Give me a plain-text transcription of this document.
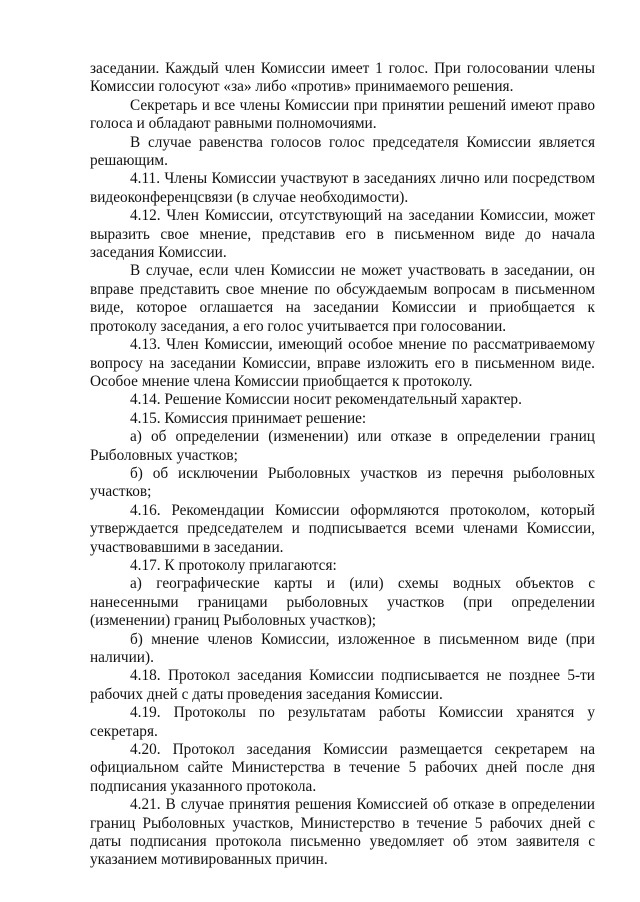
заседании. Каждый член Комиссии имеет 1 голос. При голосовании члены Комиссии голосуют «за» либо «против» принимаемого решения.

Секретарь и все члены Комиссии при принятии решений имеют право голоса и обладают равными полномочиями.

В случае равенства голосов голос председателя Комиссии является решающим.

4.11. Члены Комиссии участвуют в заседаниях лично или посредством видеоконференцсвязи (в случае необходимости).

4.12. Член Комиссии, отсутствующий на заседании Комиссии, может выразить свое мнение, представив его в письменном виде до начала заседания Комиссии.

В случае, если член Комиссии не может участвовать в заседании, он вправе представить свое мнение по обсуждаемым вопросам в письменном виде, которое оглашается на заседании Комиссии и приобщается к протоколу заседания, а его голос учитывается при голосовании.

4.13. Член Комиссии, имеющий особое мнение по рассматриваемому вопросу на заседании Комиссии, вправе изложить его в письменном виде. Особое мнение члена Комиссии приобщается к протоколу.

4.14. Решение Комиссии носит рекомендательный характер.

4.15. Комиссия принимает решение:

а) об определении (изменении) или отказе в определении границ Рыболовных участков;

б) об исключении Рыболовных участков из перечня рыболовных участков;

4.16. Рекомендации Комиссии оформляются протоколом, который утверждается председателем и подписывается всеми членами Комиссии, участвовавшими в заседании.

4.17. К протоколу прилагаются:

а) географические карты и (или) схемы водных объектов с нанесенными границами рыболовных участков (при определении (изменении) границ Рыболовных участков);

б) мнение членов Комиссии, изложенное в письменном виде (при наличии).

4.18. Протокол заседания Комиссии подписывается не позднее 5-ти рабочих дней с даты проведения заседания Комиссии.

4.19. Протоколы по результатам работы Комиссии хранятся у секретаря.

4.20. Протокол заседания Комиссии размещается секретарем на официальном сайте Министерства в течение 5 рабочих дней после дня подписания указанного протокола.

4.21. В случае принятия решения Комиссией об отказе в определении границ Рыболовных участков, Министерство в течение 5 рабочих дней с даты подписания протокола письменно уведомляет об этом заявителя с указанием мотивированных причин.
